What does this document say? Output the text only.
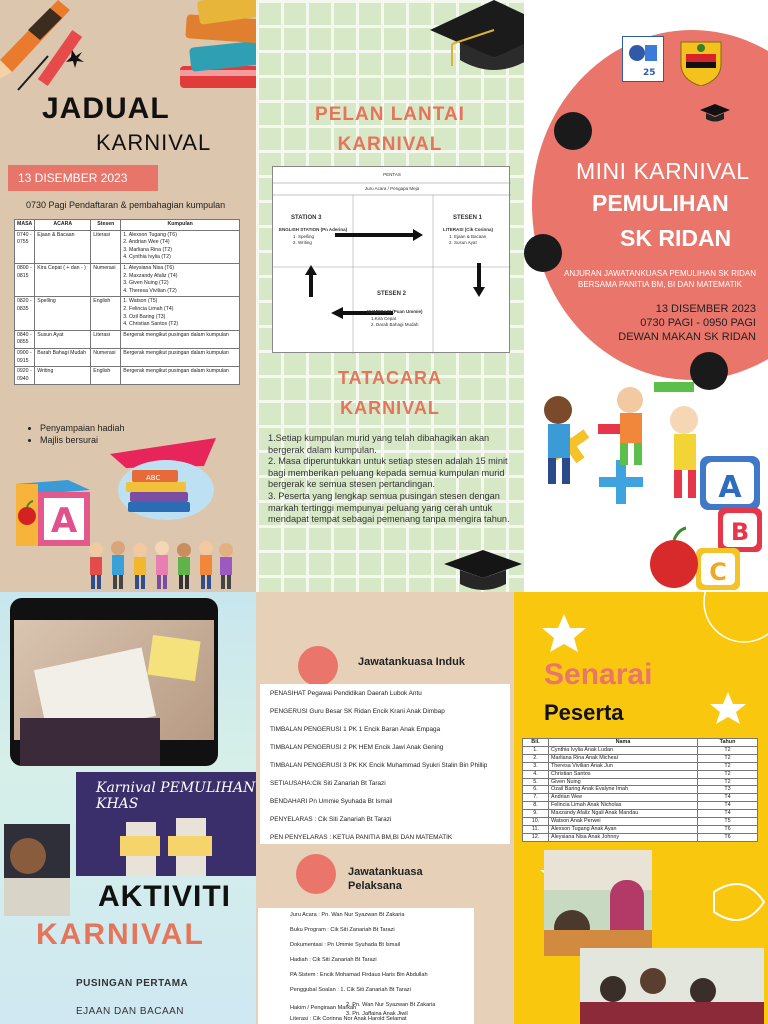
JADUAL
KARNIVAL
13 DISEMBER 2023
0730 Pagi Pendaftaran & pembahagian kumpulan
MASA	ACARA	Stesen	Kumpulan
0740 - 0755	Ejaan & Bacaan	Literasi	1. Alexson Tugang (T6)
2. Andrian Wee (T4)
3. Marliana Rina (T2)
4. Cynthia Ivylia (T2)

0800 - 0815	Kira Cepat ( + dan - )	Numerasi	1. Aleysiana Nisa (T6)
2. Maxzandy Afaliz (T4)
3. Given Nuing (T2)
4. Theresa Vivilian (T2)

0820 - 0835	Spelling	English	1. Watson (T5)
2. Felincia Limah (T4)
3. Ozil Baring (T3)
4. Christian Santos (T2)

0840 - 0855	Susun Ayat	Literasi	Bergerak mengikut pusingan dalam kumpulan

0900 - 0915	Barah Bahagi Mudah	Numerasi	Bergerak mengikut pusingan dalam kumpulan

0920 - 0940	Writing	English	Bergerak mengikut pusingan dalam kumpulan
• Penyampaian hadiah
• Majlis bersurai
A
ABC
PELAN LANTAI
KARNIVAL
PENTAS
Juru Acara / Pengapa Meja
STATION 3
ENGLISH STATION (Pn Aderina)
1. Spelling
2. Writing
STESEN 1
LITERASI (Cik Corinna)
1. Ejaan & Bacaan
2. Susun Ayat
STESEN 2
NUMERASI (Puan Ummie)
1.Kira Cepat
2. Darab Bahagi Mudah
TATACARA
KARNIVAL

1.Setiap kumpulan murid yang telah dibahagikan akan bergerak dalam kumpulan.

2. Masa diperuntukkan untuk setiap stesen adalah 15 minit bagi memberikan peluang kepada semua kumpulan murid bergerak ke semua stesen pertandingan.

3. Peserta yang lengkap semua pusingan stesen dengan markah tertinggi mempunyai peluang yang cerah untuk mendapat tempat sebagai pemenang tanpa mengira tahun.

25
MINI KARNIVAL
PEMULIHAN
SK RIDAN
ANJURAN JAWATANKUASA PEMULIHAN SK RIDAN BERSAMA PANITIA BM, BI DAN MATEMATIK
13 DISEMBER 2023
0730 PAGI - 0950 PAGI
DEWAN MAKAN SK RIDAN
A
B
C
Karnival PEMULIHAN KHAS
AKTIVITI
KARNIVAL
PUSINGAN PERTAMA
EJAAN DAN BACAAN
Jawatankuasa Induk
PENASIHAT Pegawai Pendidikan Daerah Lubok Antu
PENGERUSI Guru Besar SK Ridan Encik Krani Anak Dimbap
TIMBALAN PENGERUSI 1 PK 1 Encik Baran Anak Empaga
TIMBALAN PENGERUSI 2 PK HEM Encik Jawi Anak Gening
TIMBALAN PENGERUSI 3 PK KK Encik Muhammad Syukri Stalin Bin Phillip
SETIAUSAHA:Cik Siti Zanariah Bt Tarazi
BENDAHARI Pn Ummie Syuhada Bt Ismail
PENYELARAS : Cik Siti Zanariah Bt Tarazi
PEN PENYELARAS : KETUA PANITIA BM,BI DAN MATEMATIK
Jawatankuasa
Pelaksana
Juru Acara : Pn. Wan Nur Syazwan Bt Zakaria
Buku Program : Cik Siti Zanariah Bt Tarazi
Dokumentasi : Pn Ummie Syuhada Bt Ismail
Hadiah : Cik Siti Zanariah Bt Tarazi
PA Sistem : Encik Mohamad Firdaus Haris Bin Abdullah
Penggubal Soalan : 1. Cik Siti Zanariah Bt Tarazi
2. Pn. Wan Nur Syazwan Bt Zakaria
3. Pn. Jaffaina Anak Jiwil
Hakim / Pengiraan Markah
Literasi : Cik Corinna Nor Anak Harold Selamat
Senarai
Peserta
Bil.	Nama	Tahun
1.	Cynthia Ivylia Anak Ludan	T2
2.	Marliana Rina Anak Micheal	T2
3.	Theresa Vivilian Anak Jun	T2
4.	Christian Santos	T2
5.	Given Nuing	T2
6.	Ozail Baring Anak Evalyne Imah	T3
7.	Andrian Wee	T4
8.	Felincia Limah Anak Nicholas	T4
9.	Maxzandy Afaliz Ngali Anak Mandau	T4
10.	Watson Anak Perwei	T5
11.	Alexson Tugang Anak Ayan	T6
12.	Aleysiana Nisa Anak Johnny	T6
